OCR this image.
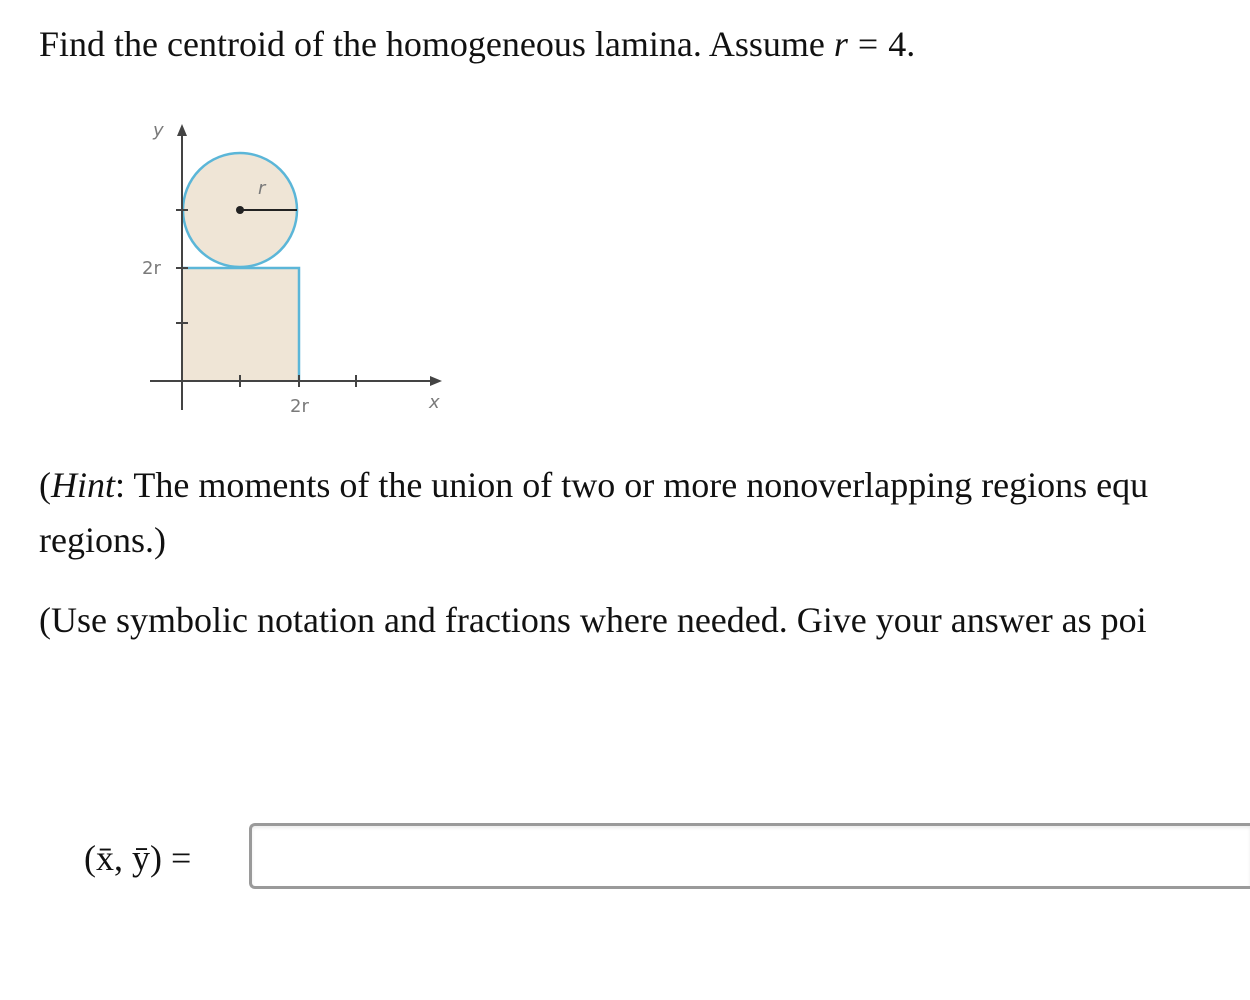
Find the centroid of the homogeneous lamina. Assume r = 4.
r
y
x
2r
2r
(Hint: The moments of the union of two or more nonoverlapping regions equ
regions.)
(Use symbolic notation and fractions where needed. Give your answer as poi
(x̄, ȳ) =
